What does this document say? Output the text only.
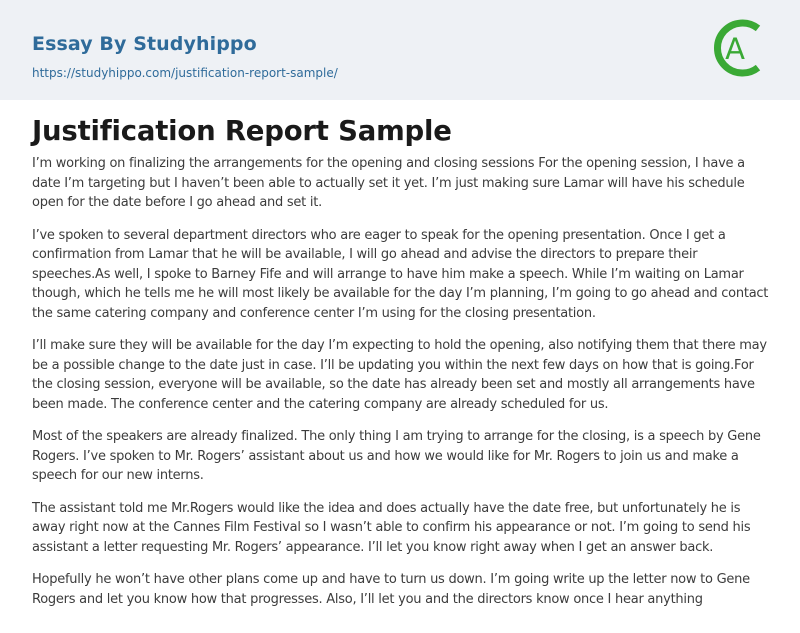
Essay By Studyhippo
https://studyhippo.com/justification-report-sample/
A
Justification Report Sample

I’m working on finalizing the arrangements for the opening and closing sessions For the opening session, I have a date I’m targeting but I haven’t been able to actually set it yet. I’m just making sure Lamar will have his schedule open for the date before I go ahead and set it.

I’ve spoken to several department directors who are eager to speak for the opening presentation. Once I get a confirmation from Lamar that he will be available, I will go ahead and advise the directors to prepare their speeches.As well, I spoke to Barney Fife and will arrange to have him make a speech. While I’m waiting on Lamar though, which he tells me he will most likely be available for the day I’m planning, I’m going to go ahead and contact the same catering company and conference center I’m using for the closing presentation.

I’ll make sure they will be available for the day I’m expecting to hold the opening, also notifying them that there may be a possible change to the date just in case. I’ll be updating you within the next few days on how that is going.For the closing session, everyone will be available, so the date has already been set and mostly all arrangements have been made. The conference center and the catering company are already scheduled for us.

Most of the speakers are already finalized. The only thing I am trying to arrange for the closing, is a speech by Gene Rogers. I’ve spoken to Mr. Rogers’ assistant about us and how we would like for Mr. Rogers to join us and make a speech for our new interns.

The assistant told me Mr.Rogers would like the idea and does actually have the date free, but unfortunately he is away right now at the Cannes Film Festival so I wasn’t able to confirm his appearance or not. I’m going to send his assistant a letter requesting Mr. Rogers’ appearance. I’ll let you know right away when I get an answer back.

Hopefully he won’t have other plans come up and have to turn us down. I’m going write up the letter now to Gene Rogers and let you know how that progresses. Also, I’ll let you and the directors know once I hear anything
